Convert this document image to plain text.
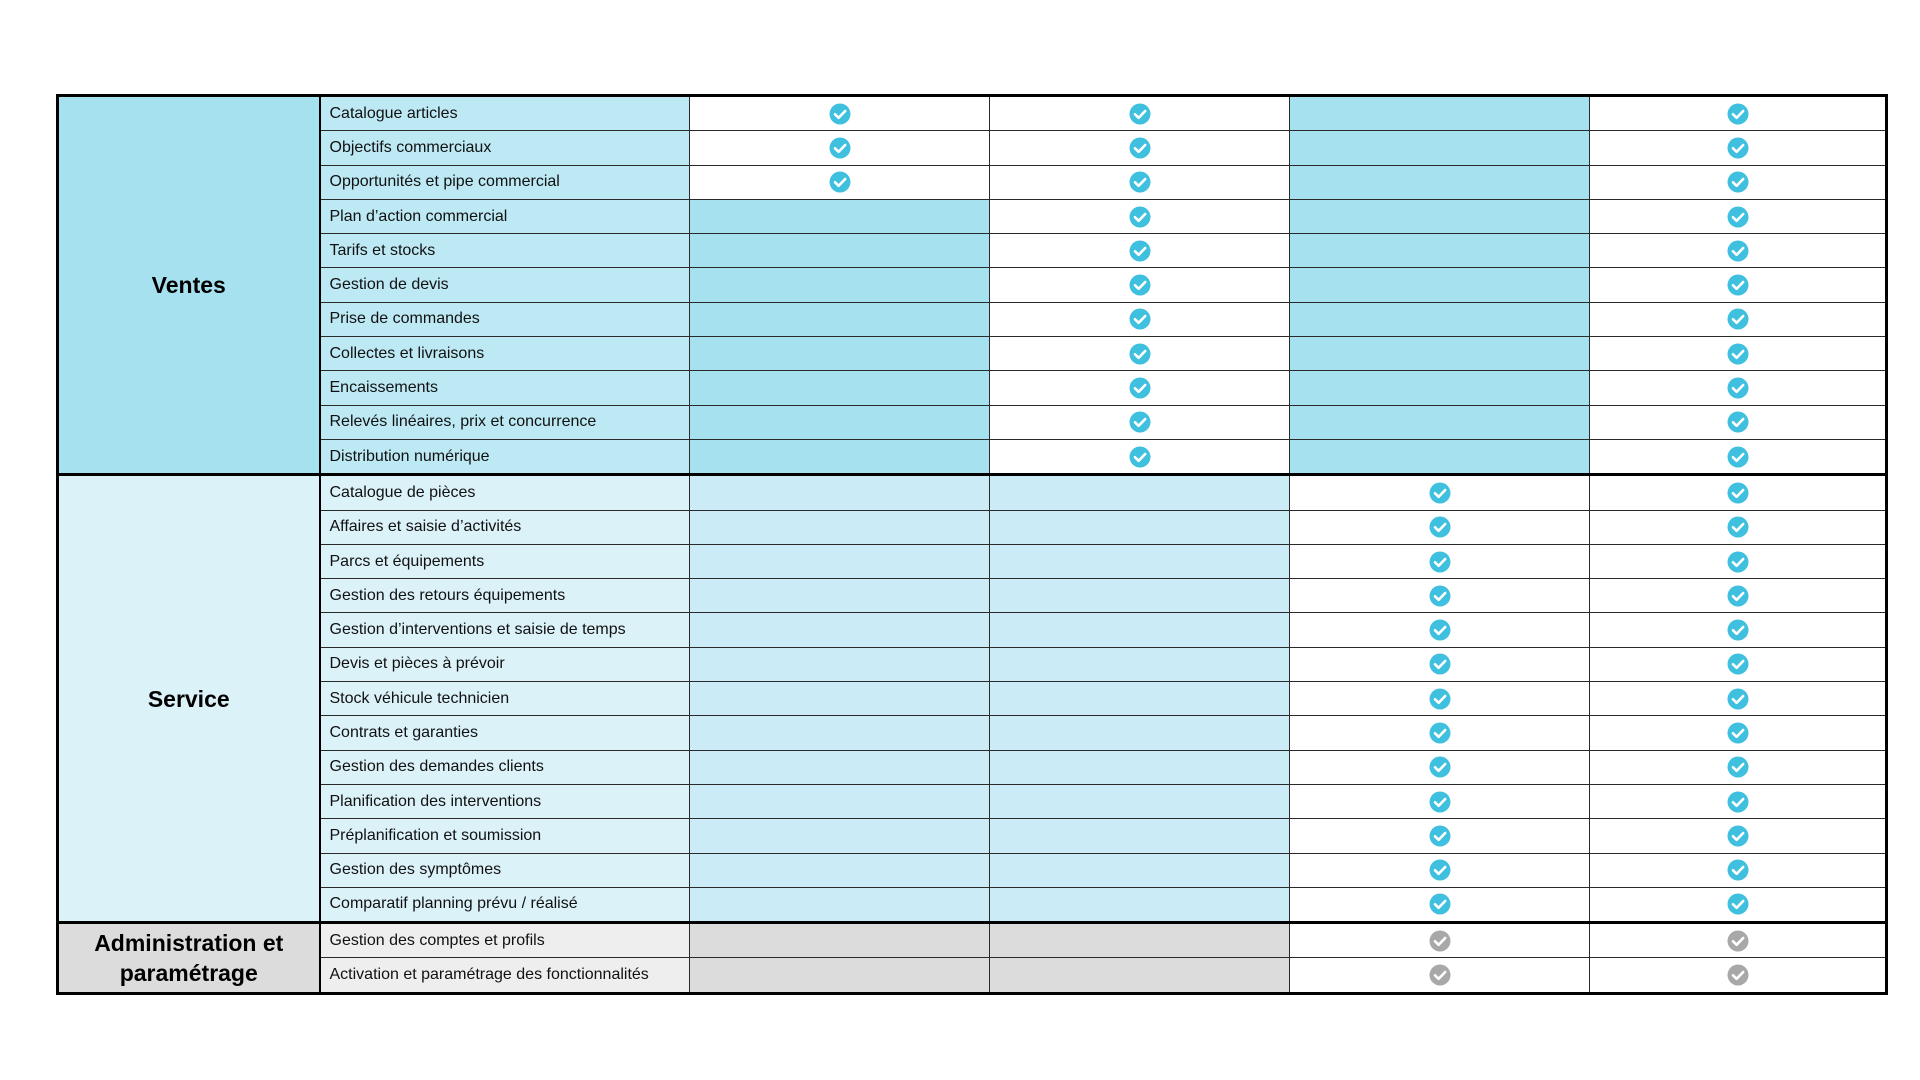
Ventes	Catalogue articles	

	Objectifs commerciaux	

	Opportunités et pipe commercial	

	Plan d’action commercial		

	Tarifs et stocks		

	Gestion de devis		

	Prise de commandes		

	Collectes et livraisons		

	Encaissements		

	Relevés linéaires, prix et concurrence		

	Distribution numérique		

Service	Catalogue de pièces			

	Affaires et saisie d’activités			

	Parcs et équipements			

	Gestion des retours équipements			

	Gestion d’interventions et saisie de temps			

	Devis et pièces à prévoir			

	Stock véhicule technicien			

	Contrats et garanties			

	Gestion des demandes clients			

	Planification des interventions			

	Préplanification et soumission			

	Gestion des symptômes			

	Comparatif planning prévu / réalisé			

Administration et paramétrage	Gestion des comptes et profils			

	Activation et paramétrage des fonctionnalités			
